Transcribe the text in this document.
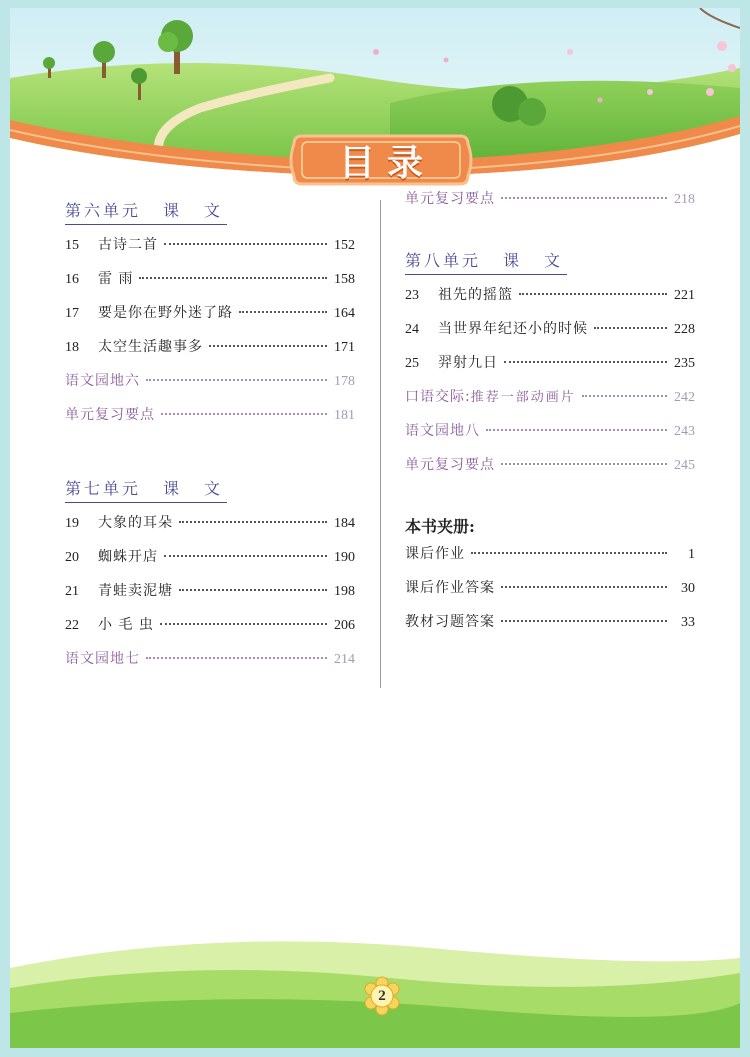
目录
第六单元 课 文
15	古诗二首	152
16	雷 雨	158
17	要是你在野外迷了路	164
18	太空生活趣事多	171
语文园地六	178
单元复习要点	181
第七单元 课 文
19	大象的耳朵	184
20	蜘蛛开店	190
21	青蛙卖泥塘	198
22	小 毛 虫	206
语文园地七	214
单元复习要点	218
第八单元 课 文
23	祖先的摇篮	221
24	当世界年纪还小的时候	228
25	羿射九日	235
口语交际: 推荐一部动画片	242
语文园地八	243
单元复习要点	245
本书夹册:
课后作业	1
课后作业答案	30
教材习题答案	33
2
